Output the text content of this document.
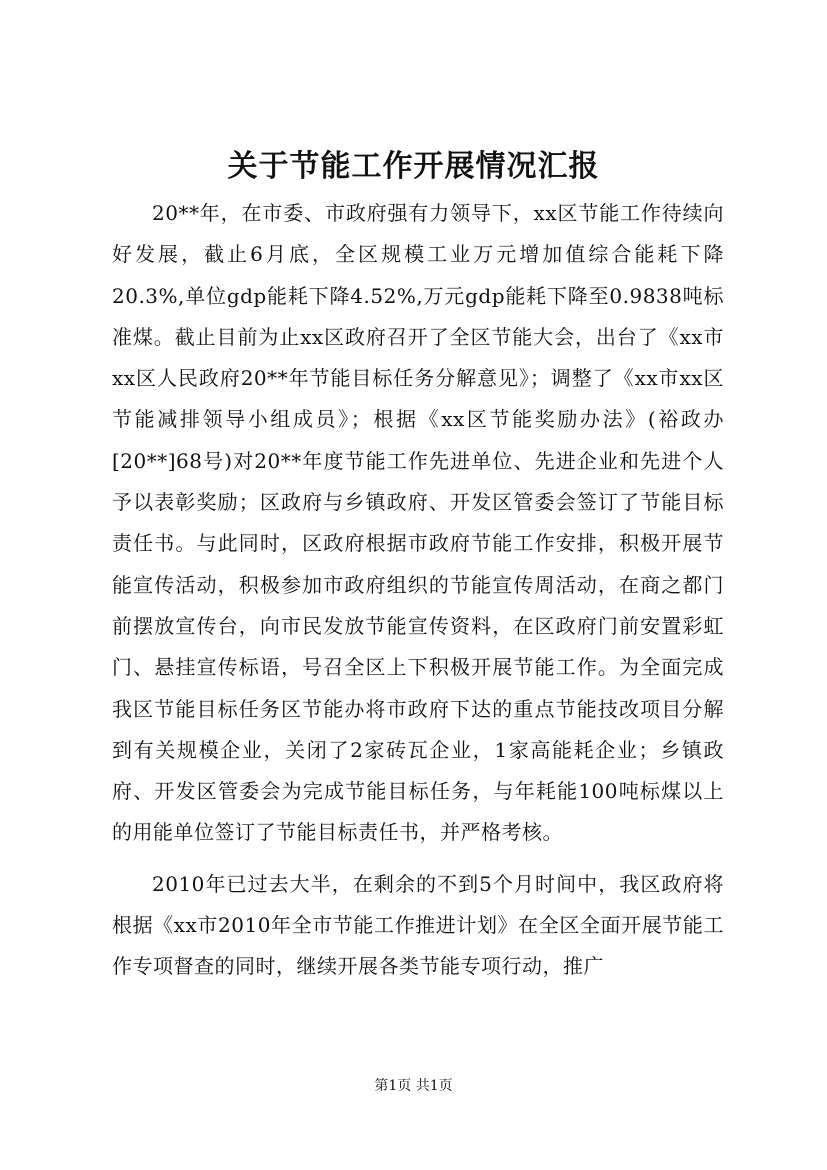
关于节能工作开展情况汇报

20**年，在市委、市政府强有力领导下，xx区节能工作待续向好发展，截止6月底，全区规模工业万元增加值综合能耗下降20.3%,单位gdp能耗下降4.52%,万元gdp能耗下降至0.9838吨标准煤。截止目前为止xx区政府召开了全区节能大会，出台了《xx市xx区人民政府20**年节能目标任务分解意见》；调整了《xx市xx区节能减排领导小组成员》；根据《xx区节能奖励办法》(裕政办[20**]68号)对20**年度节能工作先进单位、先进企业和先进个人予以表彰奖励；区政府与乡镇政府、开发区管委会签订了节能目标责任书。与此同时，区政府根据市政府节能工作安排，积极开展节能宣传活动，积极参加市政府组织的节能宣传周活动，在商之都门前摆放宣传台，向市民发放节能宣传资料，在区政府门前安置彩虹门、悬挂宣传标语，号召全区上下积极开展节能工作。为全面完成我区节能目标任务区节能办将市政府下达的重点节能技改项目分解到有关规模企业，关闭了2家砖瓦企业，1家高能耗企业；乡镇政府、开发区管委会为完成节能目标任务，与年耗能100吨标煤以上的用能单位签订了节能目标责任书，并严格考核。

2010年已过去大半，在剩余的不到5个月时间中，我区政府将根据《xx市2010年全市节能工作推进计划》在全区全面开展节能工作专项督查的同时，继续开展各类节能专项行动，推广

第1页 共1页
